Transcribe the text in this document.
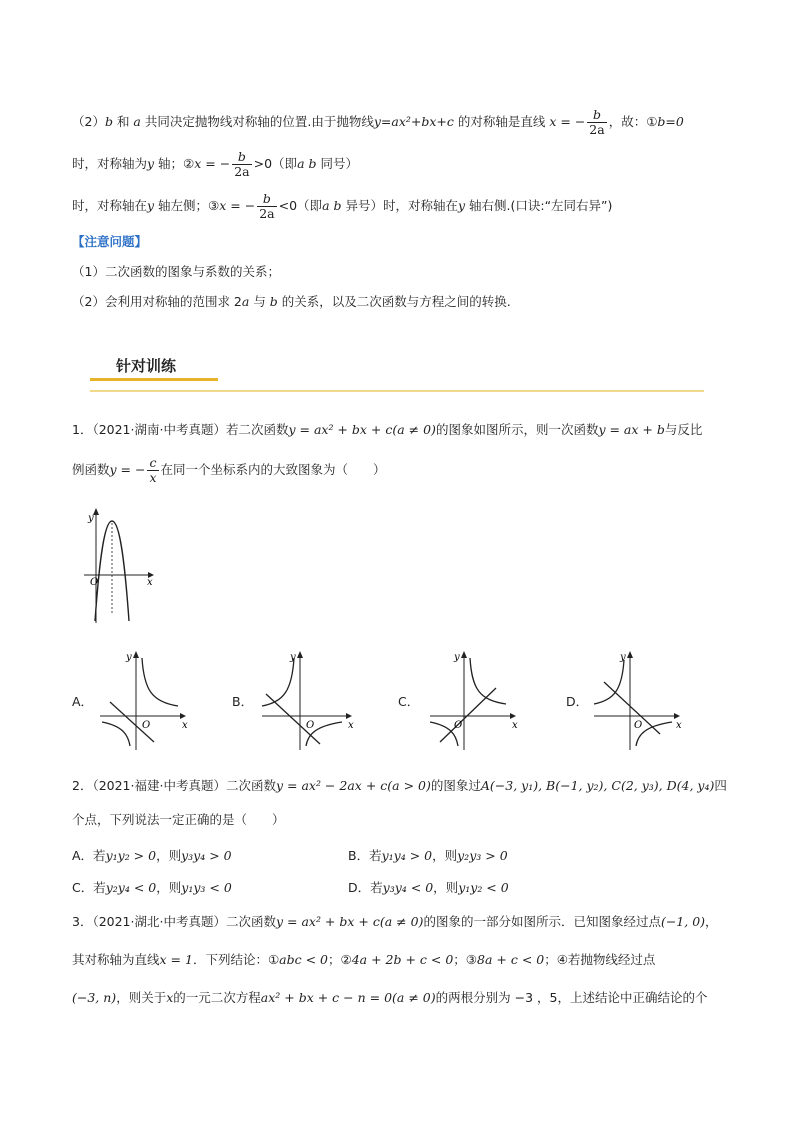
（2）b 和 a 共同决定抛物线对称轴的位置.由于抛物线y=ax²+bx+c 的对称轴是直线 x = − $\frac{b}{2a}$ ，故：①b=0
时，对称轴为y 轴；②x = − $\frac{b}{2a} >0$（即a b 同号）
时，对称轴在y 轴左侧；③x = − $\frac{b}{2a} <0$（即a b 异号）时，对称轴在y 轴右侧.(口诀:“左同右异”)
【注意问题】
（1）二次函数的图象与系数的关系；
（2）会利用对称轴的范围求 2a 与 b 的关系，以及二次函数与方程之间的转换.
针对训练
1．（2021·湖南·中考真题）若二次函数y = ax² + bx + c(a ≠ 0)的图象如图所示，则一次函数y = ax + b与反比
例函数y = − $\frac{c}{x}$ 在同一个坐标系内的大致图象为（　　）
O	x
y
A．
O	x
y
B．
O	x
y
C．
O	x
y
D．
O	x
y
2．（2021·福建·中考真题）二次函数y = ax² − 2ax + c(a > 0)的图象过A(−3, y₁), B(−1, y₂), C(2, y₃), D(4, y₄)四
个点，下列说法一定正确的是（　　）
A．若y₁y₂ > 0，则y₃y₄ > 0	B．若y₁y₄ > 0，则y₂y₃ > 0
C．若y₂y₄ < 0，则y₁y₃ < 0	D．若y₃y₄ < 0，则y₁y₂ < 0
3．（2021·湖北·中考真题）二次函数y = ax² + bx + c(a ≠ 0)的图象的一部分如图所示．已知图象经过点(−1, 0)，
其对称轴为直线x = 1．下列结论：①abc < 0；②4a + 2b + c < 0；③8a + c < 0；④若抛物线经过点
(−3, n)，则关于x的一元二次方程ax² + bx + c − n = 0(a ≠ 0)的两根分别为 −3 ，5，上述结论中正确结论的个
